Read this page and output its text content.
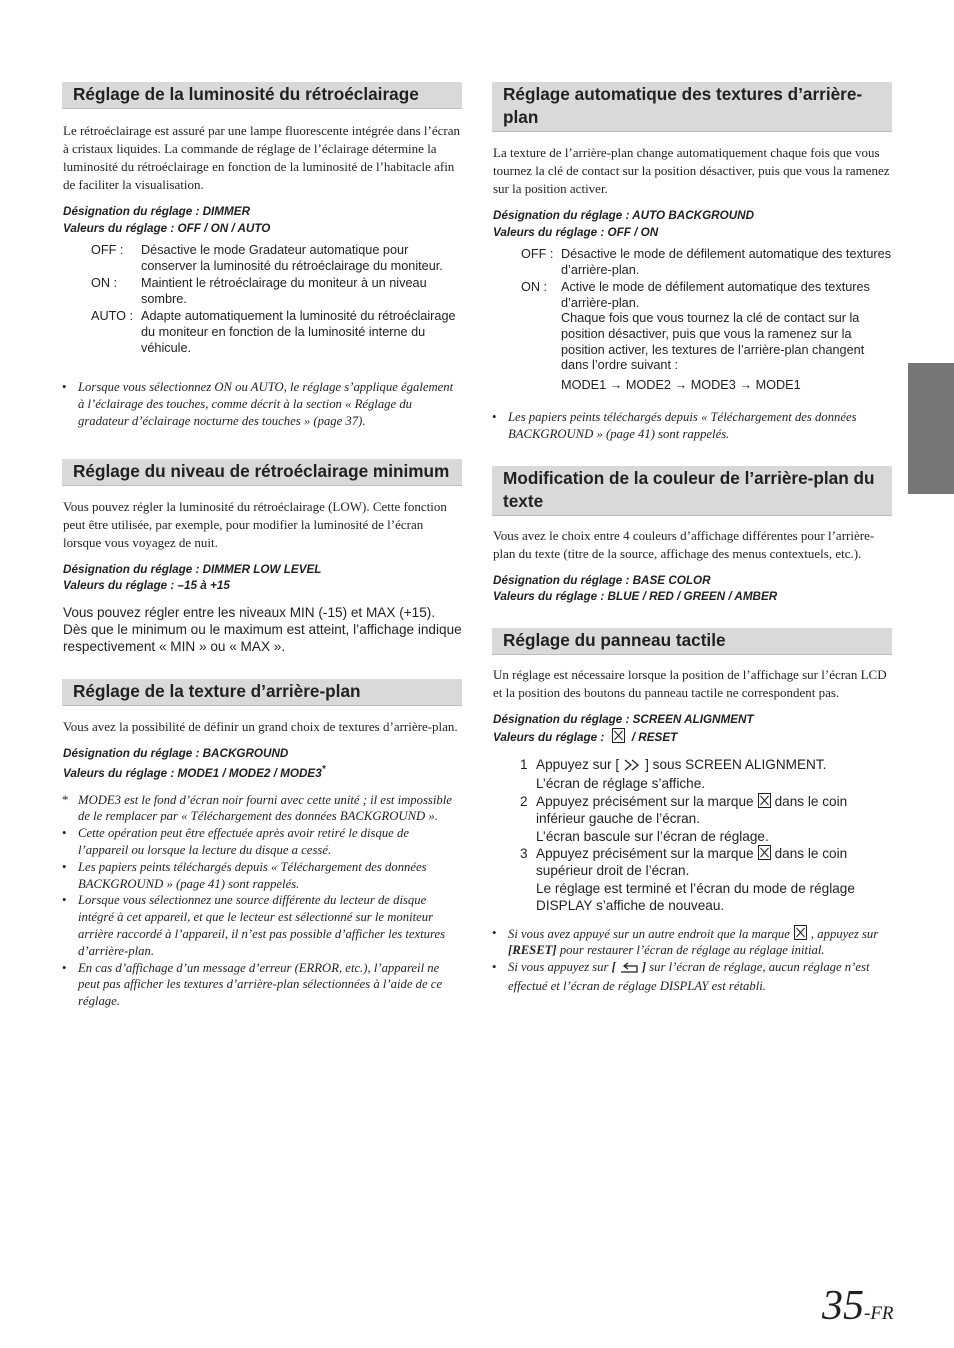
Réglage de la luminosité du rétroéclairage

Le rétroéclairage est assuré par une lampe fluorescente intégrée dans l’écran à cristaux liquides. La commande de réglage de l’éclairage détermine la luminosité du rétroéclairage en fonction de la luminosité de l’habitacle afin de faciliter la visualisation.

Désignation du réglage : DIMMER
Valeurs du réglage : OFF / ON / AUTO
OFF :	Désactive le mode Gradateur automatique pour conserver la luminosité du rétroéclairage du moniteur.
ON :	Maintient le rétroéclairage du moniteur à un niveau sombre.
AUTO : Adapte automatiquement la luminosité du rétroéclairage du moniteur en fonction de la luminosité interne du véhicule.
• Lorsque vous sélectionnez ON ou AUTO, le réglage s’applique également à l’éclairage des touches, comme décrit à la section « Réglage du gradateur d’éclairage nocturne des touches » (page 37).
Réglage du niveau de rétroéclairage minimum

Vous pouvez régler la luminosité du rétroéclairage (LOW). Cette fonction peut être utilisée, par exemple, pour modifier la luminosité de l’écran lorsque vous voyagez de nuit.

Désignation du réglage : DIMMER LOW LEVEL
Valeurs du réglage : –15 à +15

Vous pouvez régler entre les niveaux MIN (-15) et MAX (+15). Dès que le minimum ou le maximum est atteint, l’affichage indique respectivement « MIN » ou « MAX ».

Réglage de la texture d’arrière-plan

Vous avez la possibilité de définir un grand choix de textures d’arrière-plan.

Désignation du réglage : BACKGROUND
Valeurs du réglage : MODE1 / MODE2 / MODE3*
* MODE3 est le fond d’écran noir fourni avec cette unité ; il est impossible de le remplacer par « Téléchargement des données BACKGROUND ».
• Cette opération peut être effectuée après avoir retiré le disque de l’appareil ou lorsque la lecture du disque a cessé.
• Les papiers peints téléchargés depuis « Téléchargement des données BACKGROUND » (page 41) sont rappelés.
• Lorsque vous sélectionnez une source différente du lecteur de disque intégré à cet appareil, et que le lecteur est sélectionné sur le moniteur arrière raccordé à l’appareil, il n’est pas possible d’afficher les textures d’arrière-plan.
• En cas d’affichage d’un message d’erreur (ERROR, etc.), l’appareil ne peut pas afficher les textures d’arrière-plan sélectionnées à l’aide de ce réglage.
Réglage automatique des textures d’arrière-plan

La texture de l’arrière-plan change automatiquement chaque fois que vous tournez la clé de contact sur la position désactiver, puis que vous la ramenez sur la position activer.

Désignation du réglage : AUTO BACKGROUND
Valeurs du réglage : OFF / ON
OFF : Désactive le mode de défilement automatique des textures d’arrière-plan.
ON :	Active le mode de défilement automatique des textures d’arrière-plan.
Chaque fois que vous tournez la clé de contact sur la position désactiver, puis que vous la ramenez sur la position activer, les textures de l’arrière-plan changent dans l’ordre suivant :
MODE1 → MODE2 → MODE3 → MODE1
• Les papiers peints téléchargés depuis « Téléchargement des données BACKGROUND » (page 41) sont rappelés.
Modification de la couleur de l’arrière-plan du texte

Vous avez le choix entre 4 couleurs d’affichage différentes pour l’arrière-plan du texte (titre de la source, affichage des menus contextuels, etc.).

Désignation du réglage : BASE COLOR
Valeurs du réglage : BLUE / RED / GREEN / AMBER
Réglage du panneau tactile

Un réglage est nécessaire lorsque la position de l’affichage sur l’écran LCD et la position des boutons du panneau tactile ne correspondent pas.

Désignation du réglage : SCREEN ALIGNMENT
Valeurs du réglage : / RESET
1 Appuyez sur [ ] sous SCREEN ALIGNMENT.
L’écran de réglage s’affiche.
2 Appuyez précisément sur la marque dans le coin inférieur gauche de l’écran.
L’écran bascule sur l’écran de réglage.
3 Appuyez précisément sur la marque dans le coin supérieur droit de l’écran.
Le réglage est terminé et l’écran du mode de réglage DISPLAY s’affiche de nouveau.
• Si vous avez appuyé sur un autre endroit que la marque , appuyez sur [RESET] pour restaurer l’écran de réglage au réglage initial.
• Si vous appuyez sur [ ] sur l’écran de réglage, aucun réglage n’est effectué et l’écran de réglage DISPLAY est rétabli.
35-FR
